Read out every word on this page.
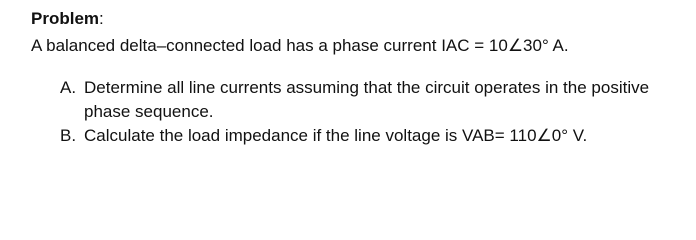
Problem:
A balanced delta–connected load has a phase current IAC = 10∠30° A.
A. Determine all line currents assuming that the circuit operates in the positive phase sequence.
B. Calculate the load impedance if the line voltage is VAB= 110∠0° V.
